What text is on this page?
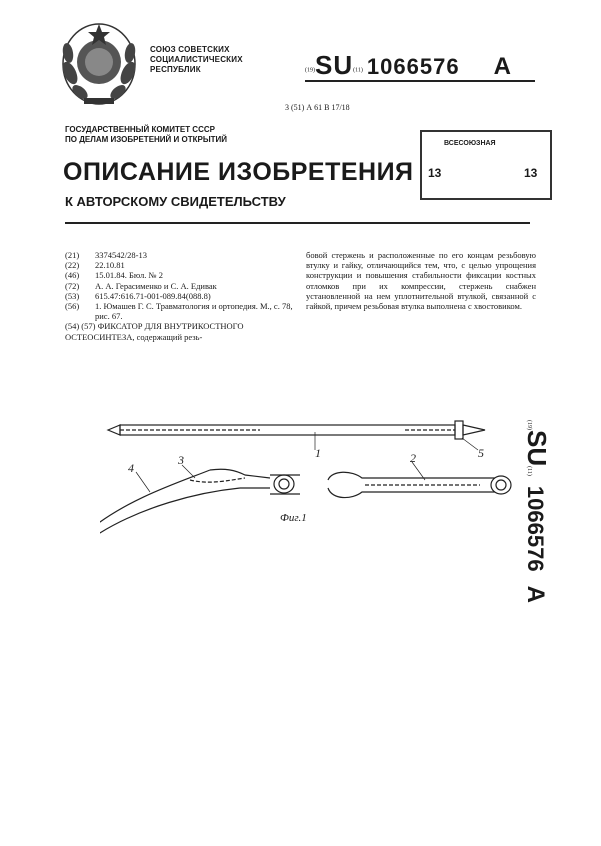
СОЮЗ СОВЕТСКИХ
СОЦИАЛИСТИЧЕСКИХ
РЕСПУБЛИК	(19)SU(11) 1066576 A
3 (51) А 61 В 17/18
ГОСУДАРСТВЕННЫЙ КОМИТЕТ СССР
ПО ДЕЛАМ ИЗОБРЕТЕНИЙ И ОТКРЫТИЙ	ВСЕСОЮЗНАЯ
13	13
ОПИСАНИЕ ИЗОБРЕТЕНИЯ
К АВТОРСКОМУ СВИДЕТЕЛЬСТВУ
(21)	3374542/28-13
(22)	22.10.81
(46)	15.01.84. Бюл. № 2
(72)	А. А. Герасименко и С. А. Едивак
(53)	615.47:616.71-001-089.84(088.8)
(56)	1. Юмашев Г. С. Травматология и ортопедия. М., с. 78, рис. 67.
(54) (57) ФИКСАТОР ДЛЯ ВНУТРИКОСТНОГО ОСТЕОСИНТЕЗА, содержащий резь-
бовой стержень и расположенные по его концам резьбовую втулку и гайку, отличающийся тем, что, с целью упрощения конструкции и повышения стабильности фиксации костных отломков при их компрессии, стержень снабжен установленной на нем уплотнительной втулкой, связанной с гайкой, причем резьбовая втулка выполнена с хвостовиком.
(19)SU(11)1066576A
1	5
4
3	2
Фиг.1
